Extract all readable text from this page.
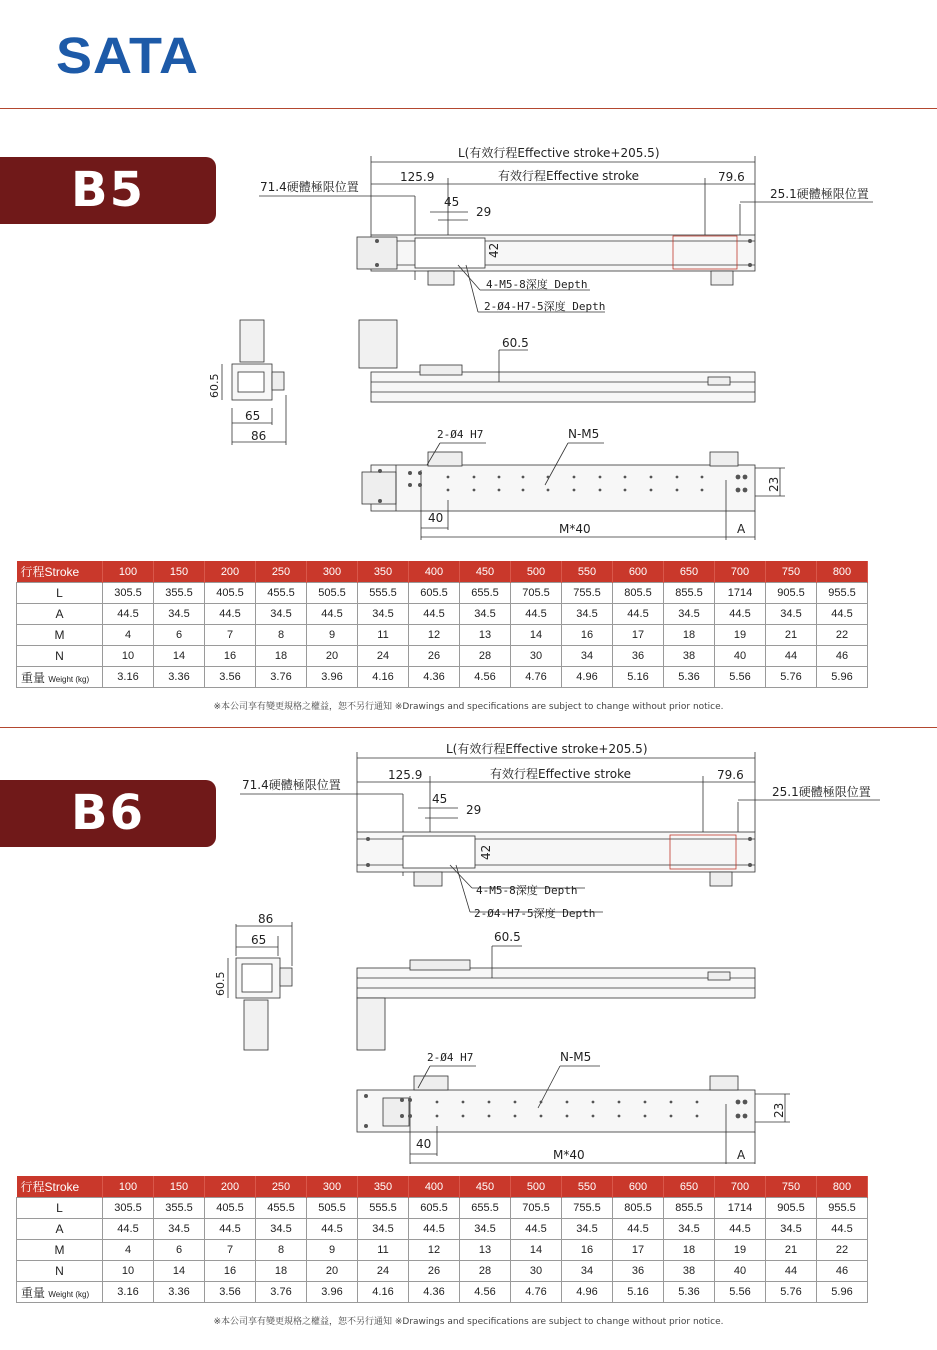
SATA
B5
L(有效行程Effective stroke+205.5)
125.9	有效行程Effective stroke	79.6
71.4硬體極限位置	25.1硬體極限位置
45
29
42
4-M5-8深度 Depth
2-Ø4-H7-5深度 Depth
60.5
60.5
65
86	2-Ø4 H7	N-M5
40
M*40	A
23
行程Stroke	100	150	200	250	300	350	400	450	500	550	600	650	700	750	800
L	305.5	355.5	405.5	455.5	505.5	555.5	605.5	655.5	705.5	755.5	805.5	855.5	1714	905.5	955.5
A	44.5	34.5	44.5	34.5	44.5	34.5	44.5	34.5	44.5	34.5	44.5	34.5	44.5	34.5	44.5
M	4	6	7	8	9	11	12	13	14	16	17	18	19	21	22
N	10	14	16	18	20	24	26	28	30	34	36	38	40	44	46
重量 Weight (kg)	3.16	3.36	3.56	3.76	3.96	4.16	4.36	4.56	4.76	4.96	5.16	5.36	5.56	5.76	5.96
※本公司享有變更規格之權益，恕不另行通知 ※Drawings and specifications are subject to change without prior notice.
B6
L(有效行程Effective stroke+205.5)
125.9	有效行程Effective stroke	79.6
71.4硬體極限位置	25.1硬體極限位置
45
29
42
4-M5-8深度 Depth
2-Ø4-H7-5深度 Depth
60.5
60.5
86
65
2-Ø4 H7	N-M5
40
M*40	A
23
行程Stroke	100	150	200	250	300	350	400	450	500	550	600	650	700	750	800
L	305.5	355.5	405.5	455.5	505.5	555.5	605.5	655.5	705.5	755.5	805.5	855.5	1714	905.5	955.5
A	44.5	34.5	44.5	34.5	44.5	34.5	44.5	34.5	44.5	34.5	44.5	34.5	44.5	34.5	44.5
M	4	6	7	8	9	11	12	13	14	16	17	18	19	21	22
N	10	14	16	18	20	24	26	28	30	34	36	38	40	44	46
重量 Weight (kg)	3.16	3.36	3.56	3.76	3.96	4.16	4.36	4.56	4.76	4.96	5.16	5.36	5.56	5.76	5.96
※本公司享有變更規格之權益，恕不另行通知 ※Drawings and specifications are subject to change without prior notice.
